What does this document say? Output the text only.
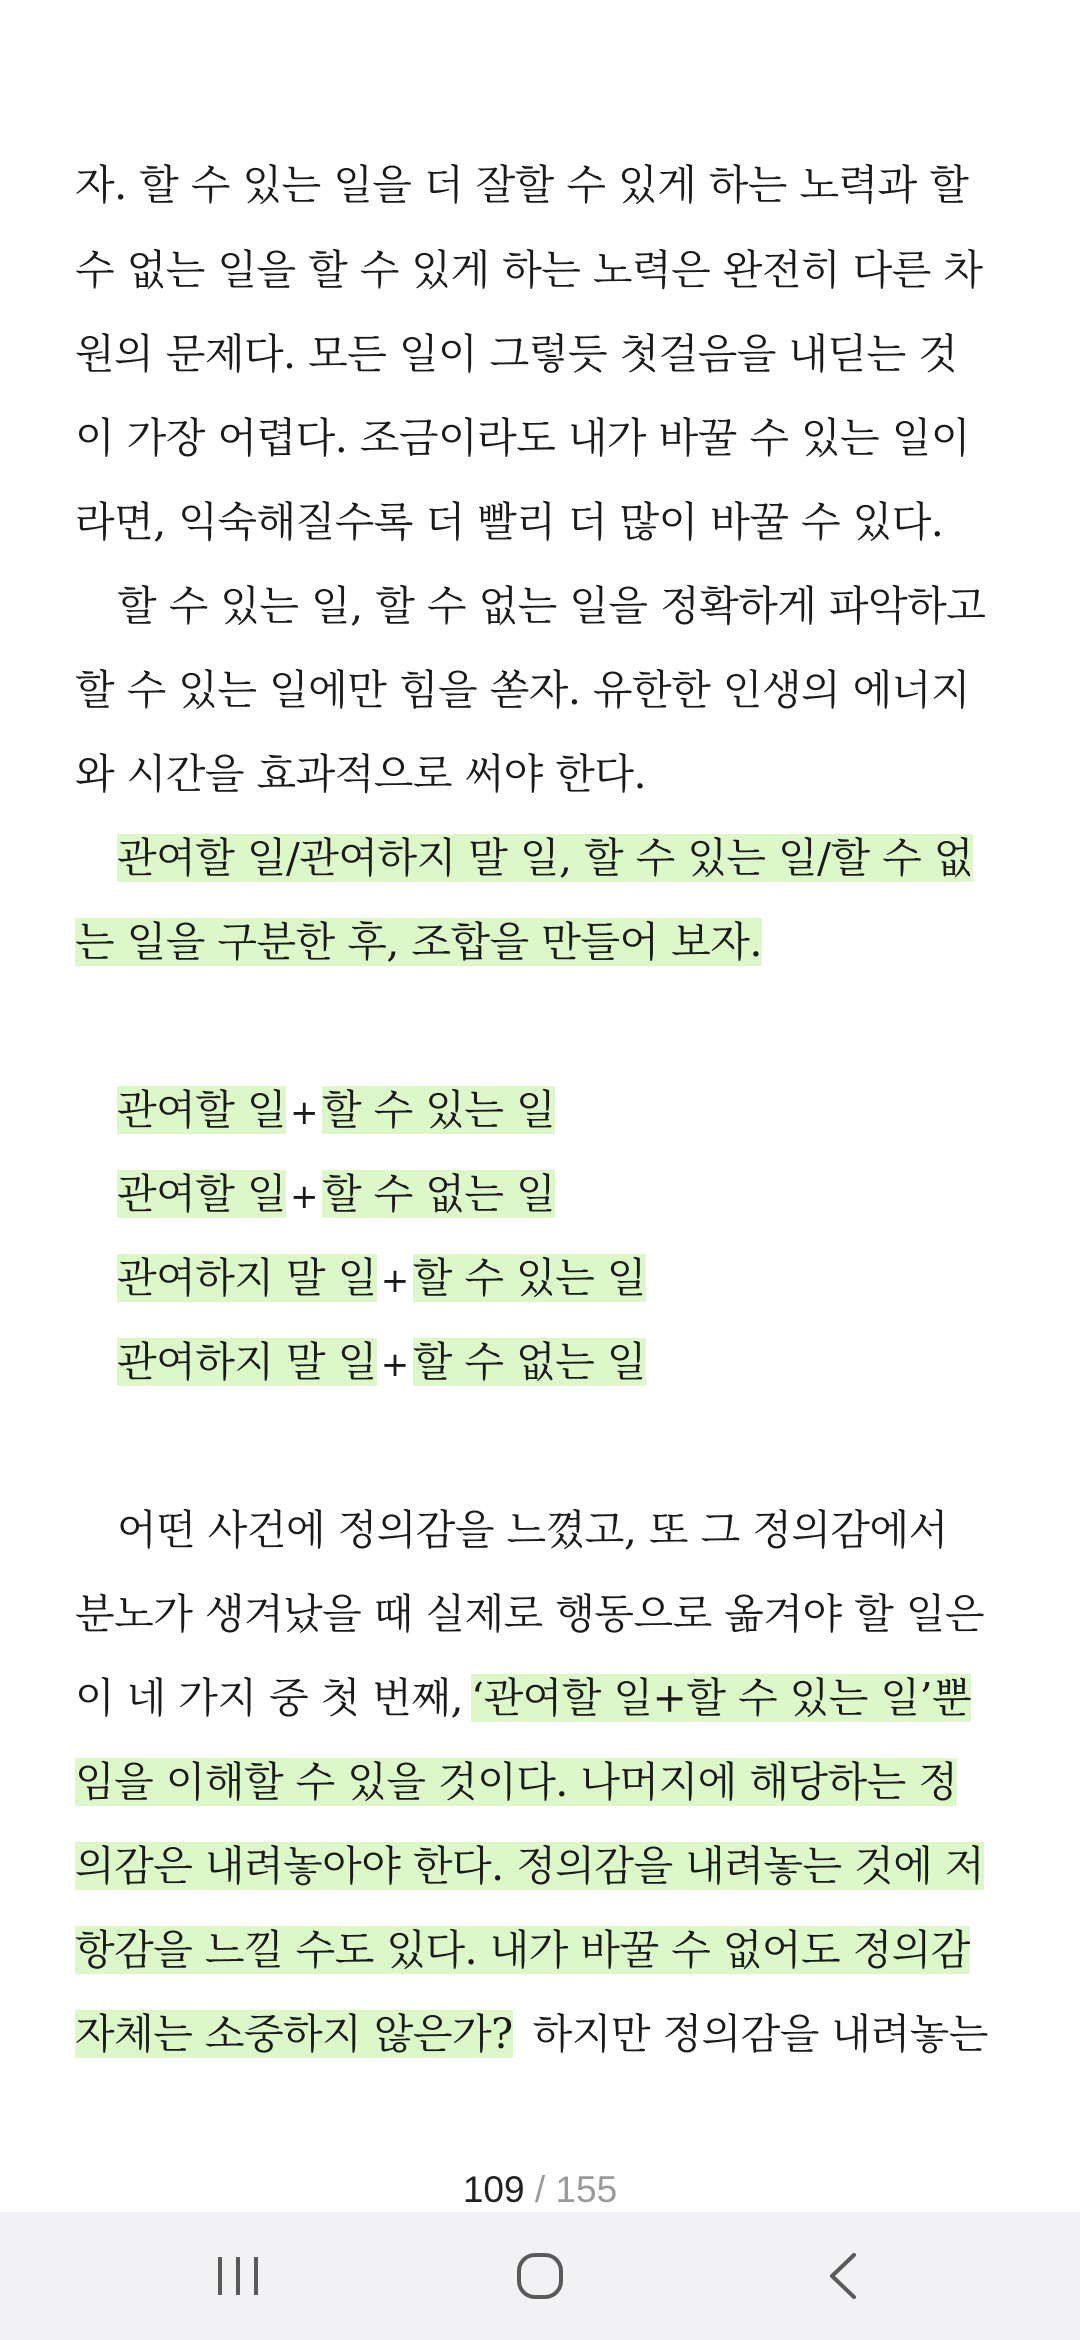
자. 할 수 있는 일을 더 잘할 수 있게 하는 노력과 할
수 없는 일을 할 수 있게 하는 노력은 완전히 다른 차
원의 문제다. 모든 일이 그렇듯 첫걸음을 내딛는 것
이 가장 어렵다. 조금이라도 내가 바꿀 수 있는 일이
라면, 익숙해질수록 더 빨리 더 많이 바꿀 수 있다.
할 수 있는 일, 할 수 없는 일을 정확하게 파악하고
할 수 있는 일에만 힘을 쏟자. 유한한 인생의 에너지
와 시간을 효과적으로 써야 한다.
관여할 일/관여하지 말 일, 할 수 있는 일/할 수 없
는 일을 구분한 후, 조합을 만들어 보자.
관여할 일 +할 수 있는 일
관여할 일 +할 수 없는 일
관여하지 말 일 +할 수 있는 일
관여하지 말 일 +할 수 없는 일
어떤 사건에 정의감을 느꼈고, 또 그 정의감에서
분노가 생겨났을 때 실제로 행동으로 옮겨야 할 일은
이 네 가지 중 첫 번째, ‘관여할 일+할 수 있는 일’뿐
임을 이해할 수 있을 것이다. 나머지에 해당하는 정
의감은 내려놓아야 한다. 정의감을 내려놓는 것에 저
항감을 느낄 수도 있다. 내가 바꿀 수 없어도 정의감
자체는 소중하지 않은가? 하지만 정의감을 내려놓는
109 / 155
